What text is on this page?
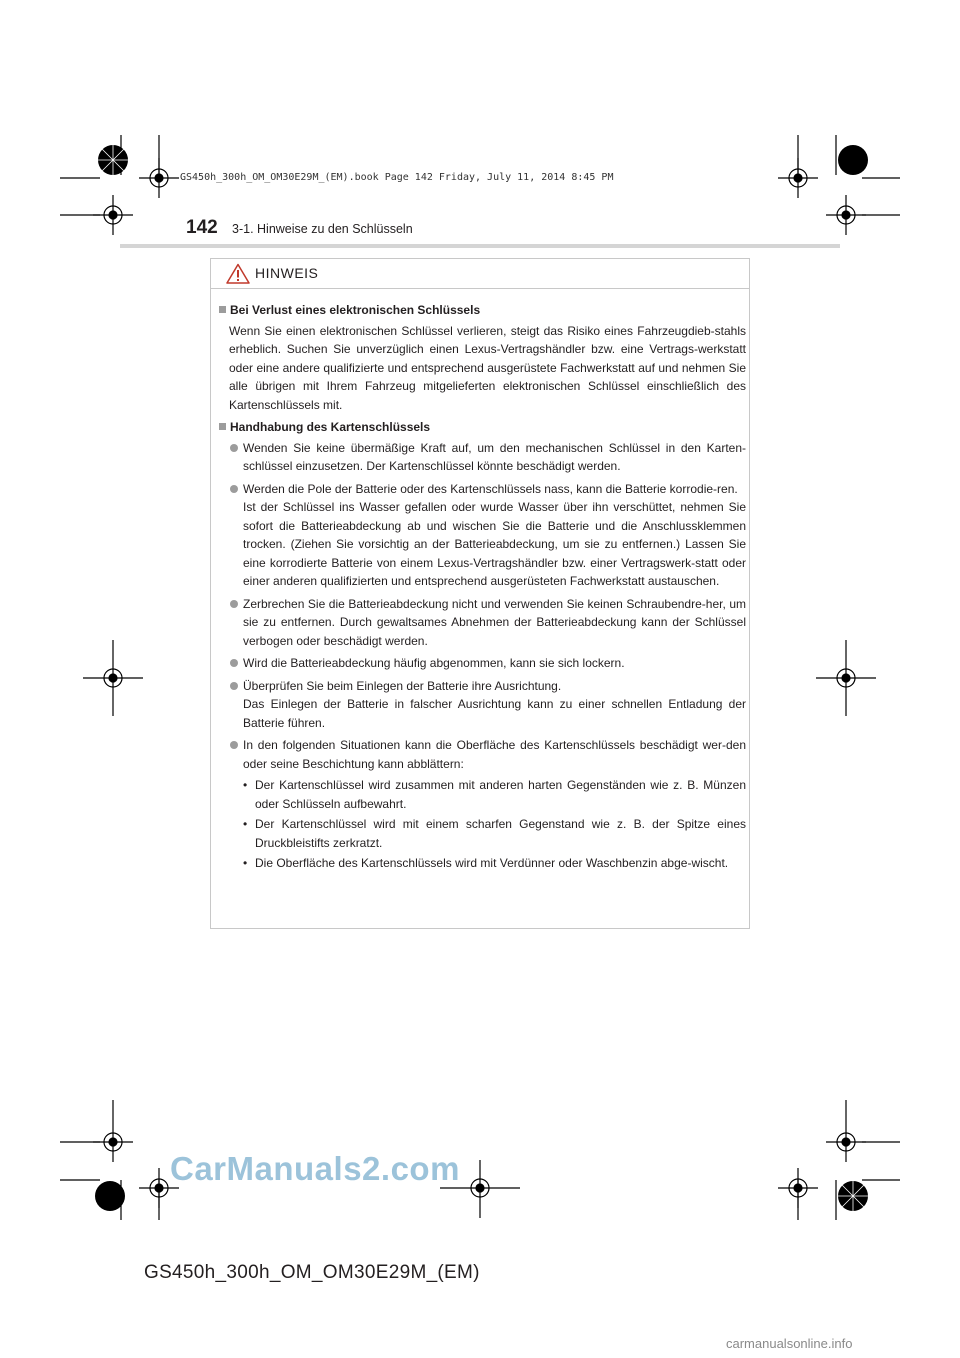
GS450h_300h_OM_OM30E29M_(EM).book Page 142 Friday, July 11, 2014 8:45 PM
142 3-1. Hinweise zu den Schlüsseln
HINWEIS

Bei Verlust eines elektronischen Schlüssels

Wenn Sie einen elektronischen Schlüssel verlieren, steigt das Risiko eines Fahrzeugdieb-stahls erheblich. Suchen Sie unverzüglich einen Lexus-Vertragshändler bzw. eine Vertrags-werkstatt oder eine andere qualifizierte und entsprechend ausgerüstete Fachwerkstatt auf und nehmen Sie alle übrigen mit Ihrem Fahrzeug mitgelieferten elektronischen Schlüssel einschließlich des Kartenschlüssels mit.

Handhabung des Kartenschlüssels

Wenden Sie keine übermäßige Kraft auf, um den mechanischen Schlüssel in den Karten-schlüssel einzusetzen. Der Kartenschlüssel könnte beschädigt werden.

Werden die Pole der Batterie oder des Kartenschlüssels nass, kann die Batterie korrodie-ren.

Ist der Schlüssel ins Wasser gefallen oder wurde Wasser über ihn verschüttet, nehmen Sie sofort die Batterieabdeckung ab und wischen Sie die Batterie und die Anschlussklemmen trocken. (Ziehen Sie vorsichtig an der Batterieabdeckung, um sie zu entfernen.) Lassen Sie eine korrodierte Batterie von einem Lexus-Vertragshändler bzw. einer Vertragswerk-statt oder einer anderen qualifizierten und entsprechend ausgerüsteten Fachwerkstatt austauschen.

Zerbrechen Sie die Batterieabdeckung nicht und verwenden Sie keinen Schraubendre-her, um sie zu entfernen. Durch gewaltsames Abnehmen der Batterieabdeckung kann der Schlüssel verbogen oder beschädigt werden.

Wird die Batterieabdeckung häufig abgenommen, kann sie sich lockern.

Überprüfen Sie beim Einlegen der Batterie ihre Ausrichtung.

Das Einlegen der Batterie in falscher Ausrichtung kann zu einer schnellen Entladung der Batterie führen.

In den folgenden Situationen kann die Oberfläche des Kartenschlüssels beschädigt wer-den oder seine Beschichtung kann abblättern:

• Der Kartenschlüssel wird zusammen mit anderen harten Gegenständen wie z. B. Münzen oder Schlüsseln aufbewahrt.

• Der Kartenschlüssel wird mit einem scharfen Gegenstand wie z. B. der Spitze eines Druckbleistifts zerkratzt.

• Die Oberfläche des Kartenschlüssels wird mit Verdünner oder Waschbenzin abge-wischt.

CarManuals2.com
GS450h_300h_OM_OM30E29M_(EM)
carmanualsonline.info
